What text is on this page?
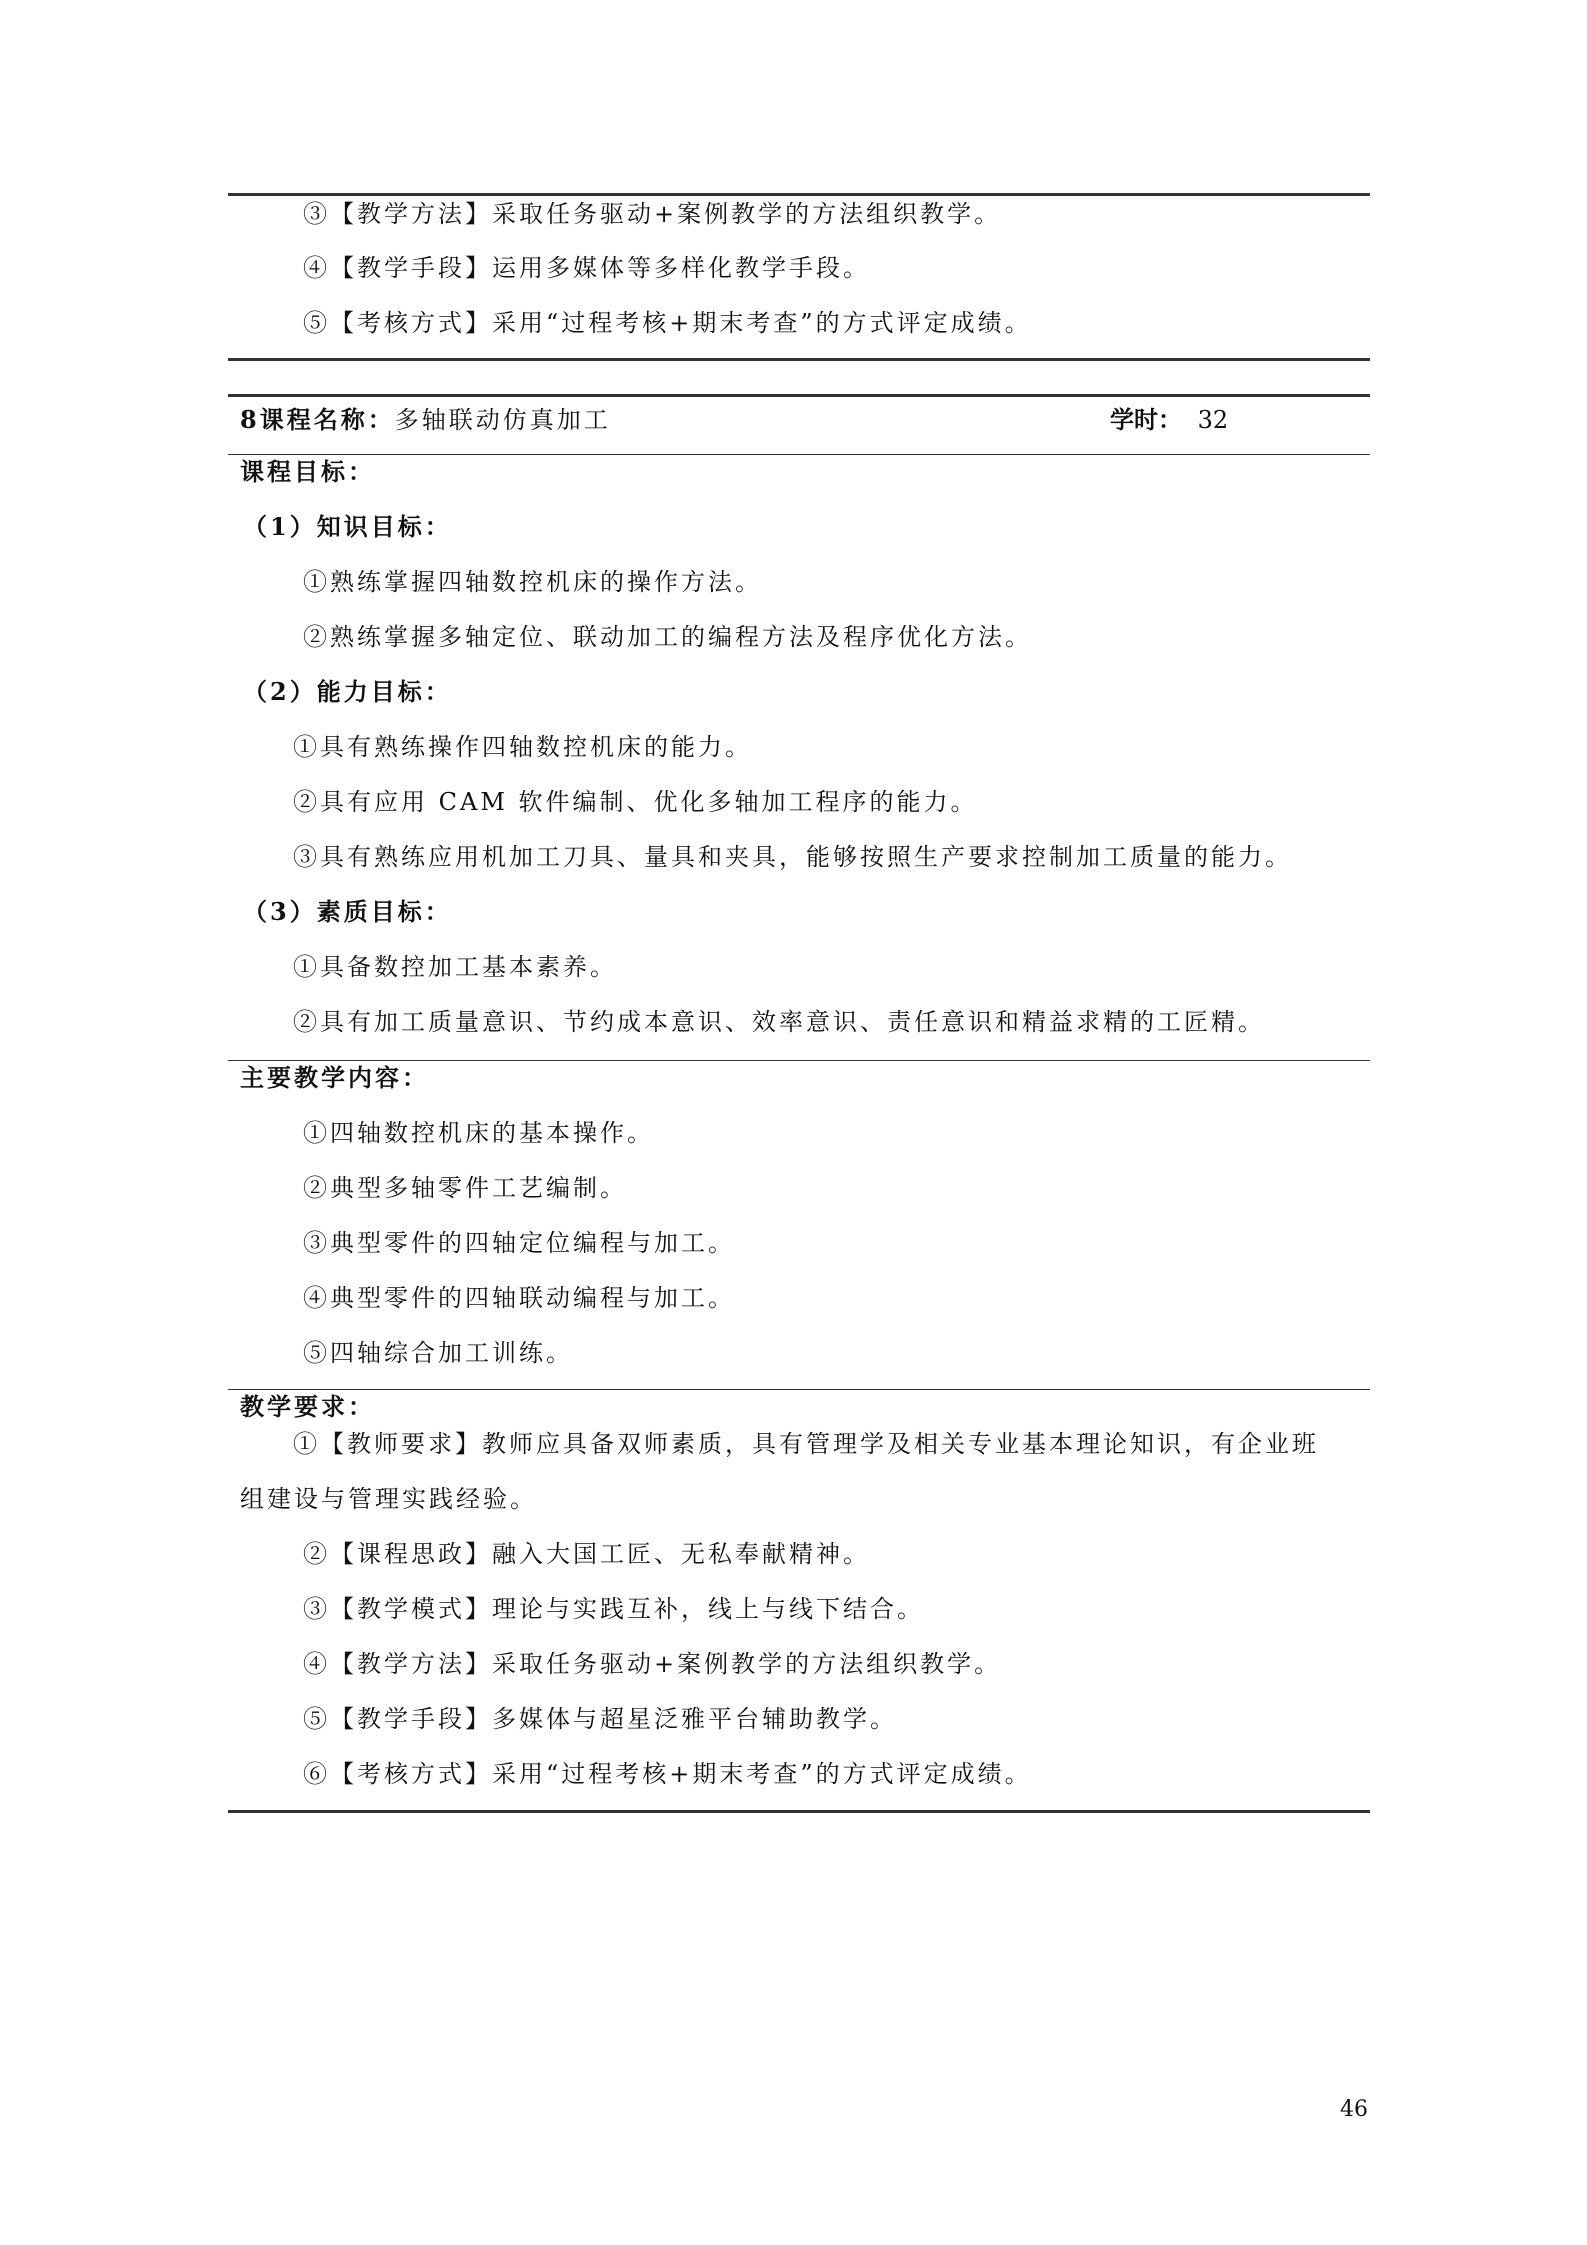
③【教学方法】采取任务驱动+案例教学的方法组织教学。
④【教学手段】运用多媒体等多样化教学手段。
⑤【考核方式】采用“过程考核+期末考查”的方式评定成绩。
8课程名称：多轴联动仿真加工	学时： 32
课程目标：
（1）知识目标：
①熟练掌握四轴数控机床的操作方法。
②熟练掌握多轴定位、联动加工的编程方法及程序优化方法。
（2）能力目标：
①具有熟练操作四轴数控机床的能力。
②具有应用 CAM 软件编制、优化多轴加工程序的能力。
③具有熟练应用机加工刀具、量具和夹具，能够按照生产要求控制加工质量的能力。
（3）素质目标：
①具备数控加工基本素养。
②具有加工质量意识、节约成本意识、效率意识、责任意识和精益求精的工匠精。
主要教学内容：
①四轴数控机床的基本操作。
②典型多轴零件工艺编制。
③典型零件的四轴定位编程与加工。
④典型零件的四轴联动编程与加工。
⑤四轴综合加工训练。
教学要求：
①【教师要求】教师应具备双师素质，具有管理学及相关专业基本理论知识，有企业班
组建设与管理实践经验。
②【课程思政】融入大国工匠、无私奉献精神。
③【教学模式】理论与实践互补，线上与线下结合。
④【教学方法】采取任务驱动+案例教学的方法组织教学。
⑤【教学手段】多媒体与超星泛雅平台辅助教学。
⑥【考核方式】采用“过程考核+期末考查”的方式评定成绩。
46
